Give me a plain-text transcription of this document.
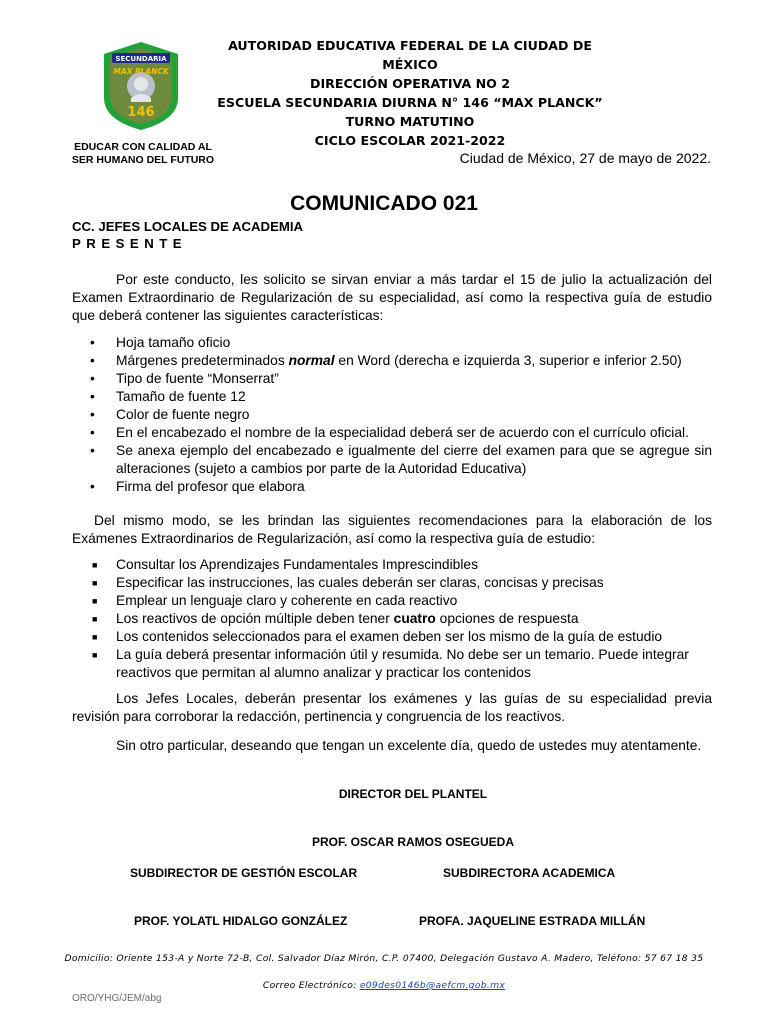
SECUNDARIA
MAX PLANCK
146
EDUCAR CON CALIDAD AL
SER HUMANO DEL FUTURO
AUTORIDAD EDUCATIVA FEDERAL DE LA CIUDAD DE MÉXICO
DIRECCIÓN OPERATIVA NO 2
ESCUELA SECUNDARIA DIURNA N° 146 “MAX PLANCK”
TURNO MATUTINO
CICLO ESCOLAR 2021-2022
Ciudad de México, 27 de mayo de 2022.
COMUNICADO 021
CC. JEFES LOCALES DE ACADEMIA
PRESENTE
Por este conducto, les solicito se sirvan enviar a más tardar el 15 de julio la actualización del Examen Extraordinario de Regularización de su especialidad, así como la respectiva guía de estudio que deberá contener las siguientes características:
• Hoja tamaño oficio
• Márgenes predeterminados normal en Word (derecha e izquierda 3, superior e inferior 2.50)
• Tipo de fuente “Monserrat”
• Tamaño de fuente 12
• Color de fuente negro
• En el encabezado el nombre de la especialidad deberá ser de acuerdo con el currículo oficial.
• Se anexa ejemplo del encabezado e igualmente del cierre del examen para que se agregue sin alteraciones (sujeto a cambios por parte de la Autoridad Educativa)
• Firma del profesor que elabora
Del mismo modo, se les brindan las siguientes recomendaciones para la elaboración de los Exámenes Extraordinarios de Regularización, así como la respectiva guía de estudio:
■ Consultar los Aprendizajes Fundamentales Imprescindibles
■ Especificar las instrucciones, las cuales deberán ser claras, concisas y precisas
■ Emplear un lenguaje claro y coherente en cada reactivo
■ Los reactivos de opción múltiple deben tener cuatro opciones de respuesta
■ Los contenidos seleccionados para el examen deben ser los mismo de la guía de estudio
■ La guía deberá presentar información útil y resumida. No debe ser un temario. Puede integrar reactivos que permitan al alumno analizar y practicar los contenidos
Los Jefes Locales, deberán presentar los exámenes y las guías de su especialidad previa revisión para corroborar la redacción, pertinencia y congruencia de los reactivos.
Sin otro particular, deseando que tengan un excelente día, quedo de ustedes muy atentamente.
DIRECTOR DEL PLANTEL
PROF. OSCAR RAMOS OSEGUEDA
SUBDIRECTOR DE GESTIÓN ESCOLAR	SUBDIRECTORA ACADEMICA
PROF. YOLATL HIDALGO GONZÁLEZ	PROFA. JAQUELINE ESTRADA MILLÁN
Domicilio: Oriente 153-A y Norte 72-B, Col. Salvador Díaz Mirón, C.P. 07400, Delegación Gustavo A. Madero, Teléfono: 57 67 18 35
Correo Electrónico: e09des0146b@aefcm.gob.mx
ORO/YHG/JEM/abg
